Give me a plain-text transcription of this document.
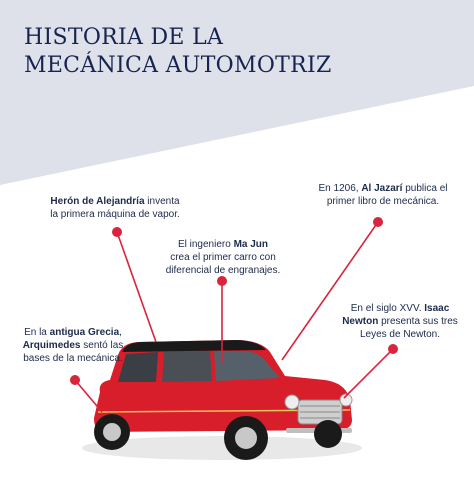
HISTORIA DE LA
MECÁNICA AUTOMOTRIZ
Herón de Alejandría inventa
la primera máquina de vapor.
En 1206, Al Jazarí publica el
primer libro de mecánica.
El ingeniero Ma Jun
crea el primer carro con
diferencial de engranajes.
En el siglo XVV. Isaac
Newton presenta sus tres
Leyes de Newton.
En la antigua Grecia,
Arquimedes sentó las
bases de la mecánica.
